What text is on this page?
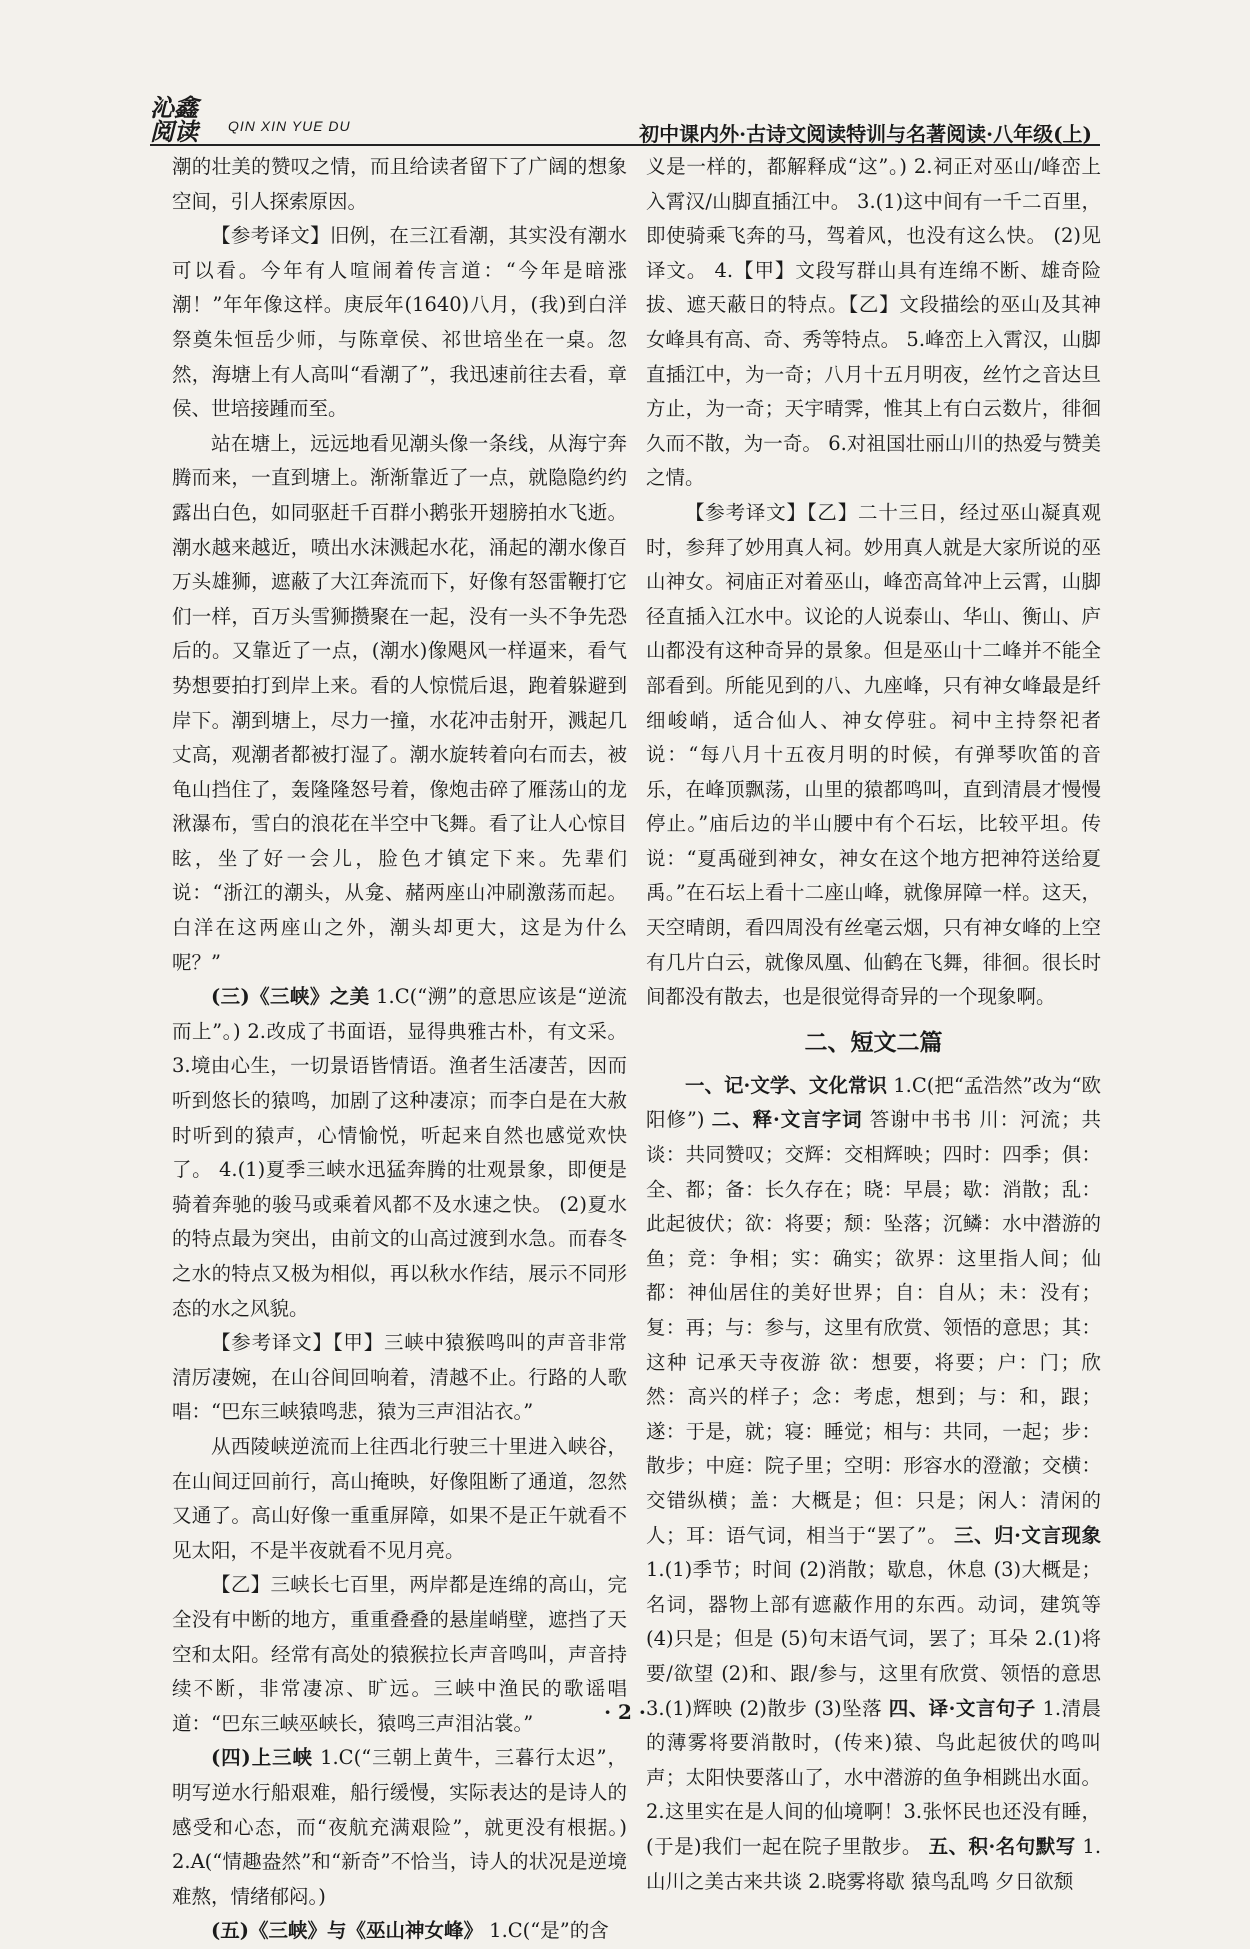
沁鑫
阅读	QIN XIN YUE DU	初中课内外·古诗文阅读特训与名著阅读·八年级(上)

潮的壮美的赞叹之情，而且给读者留下了广阔的想象空间，引人探索原因。

【参考译文】旧例，在三江看潮，其实没有潮水可以看。今年有人喧闹着传言道：“今年是暗涨潮！”年年像这样。庚辰年(1640)八月，(我)到白洋祭奠朱恒岳少师，与陈章侯、祁世培坐在一桌。忽然，海塘上有人高叫“看潮了”，我迅速前往去看，章侯、世培接踵而至。

站在塘上，远远地看见潮头像一条线，从海宁奔腾而来，一直到塘上。渐渐靠近了一点，就隐隐约约露出白色，如同驱赶千百群小鹅张开翅膀拍水飞逝。潮水越来越近，喷出水沫溅起水花，涌起的潮水像百万头雄狮，遮蔽了大江奔流而下，好像有怒雷鞭打它们一样，百万头雪狮攒聚在一起，没有一头不争先恐后的。又靠近了一点，(潮水)像飓风一样逼来，看气势想要拍打到岸上来。看的人惊慌后退，跑着躲避到岸下。潮到塘上，尽力一撞，水花冲击射开，溅起几丈高，观潮者都被打湿了。潮水旋转着向右而去，被龟山挡住了，轰隆隆怒号着，像炮击碎了雁荡山的龙湫瀑布，雪白的浪花在半空中飞舞。看了让人心惊目眩，坐了好一会儿，脸色才镇定下来。先辈们说：“浙江的潮头，从龛、赭两座山冲刷激荡而起。白洋在这两座山之外，潮头却更大，这是为什么呢？”

(三)《三峡》之美 1.C(“溯”的意思应该是“逆流而上”。) 2.改成了书面语，显得典雅古朴，有文采。 3.境由心生，一切景语皆情语。渔者生活凄苦，因而听到悠长的猿鸣，加剧了这种凄凉；而李白是在大赦时听到的猿声，心情愉悦，听起来自然也感觉欢快了。 4.(1)夏季三峡水迅猛奔腾的壮观景象，即便是骑着奔驰的骏马或乘着风都不及水速之快。 (2)夏水的特点最为突出，由前文的山高过渡到水急。而春冬之水的特点又极为相似，再以秋水作结，展示不同形态的水之风貌。

【参考译文】【甲】三峡中猿猴鸣叫的声音非常清厉凄婉，在山谷间回响着，清越不止。行路的人歌唱：“巴东三峡猿鸣悲，猿为三声泪沾衣。”

从西陵峡逆流而上往西北行驶三十里进入峡谷，在山间迂回前行，高山掩映，好像阻断了通道，忽然又通了。高山好像一重重屏障，如果不是正午就看不见太阳，不是半夜就看不见月亮。

【乙】三峡长七百里，两岸都是连绵的高山，完全没有中断的地方，重重叠叠的悬崖峭壁，遮挡了天空和太阳。经常有高处的猿猴拉长声音鸣叫，声音持续不断，非常凄凉、旷远。三峡中渔民的歌谣唱道：“巴东三峡巫峡长，猿鸣三声泪沾裳。”

(四)上三峡 1.C(“三朝上黄牛，三暮行太迟”，明写逆水行船艰难，船行缓慢，实际表达的是诗人的感受和心态，而“夜航充满艰险”，就更没有根据。) 2.A(“情趣盎然”和“新奇”不恰当，诗人的状况是逆境难熬，情绪郁闷。)

(五)《三峡》与《巫山神女峰》 1.C(“是”的含

义是一样的，都解释成“这”。) 2.祠正对巫山/峰峦上入霄汉/山脚直插江中。 3.(1)这中间有一千二百里，即使骑乘飞奔的马，驾着风，也没有这么快。 (2)见译文。 4.【甲】文段写群山具有连绵不断、雄奇险拔、遮天蔽日的特点。【乙】文段描绘的巫山及其神女峰具有高、奇、秀等特点。 5.峰峦上入霄汉，山脚直插江中，为一奇；八月十五月明夜，丝竹之音达旦方止，为一奇；天宇晴霁，惟其上有白云数片，徘徊久而不散，为一奇。 6.对祖国壮丽山川的热爱与赞美之情。

【参考译文】【乙】二十三日，经过巫山凝真观时，参拜了妙用真人祠。妙用真人就是大家所说的巫山神女。祠庙正对着巫山，峰峦高耸冲上云霄，山脚径直插入江水中。议论的人说泰山、华山、衡山、庐山都没有这种奇异的景象。但是巫山十二峰并不能全部看到。所能见到的八、九座峰，只有神女峰最是纤细峻峭，适合仙人、神女停驻。祠中主持祭祀者说：“每八月十五夜月明的时候，有弹琴吹笛的音乐，在峰顶飘荡，山里的猿都鸣叫，直到清晨才慢慢停止。”庙后边的半山腰中有个石坛，比较平坦。传说：“夏禹碰到神女，神女在这个地方把神符送给夏禹。”在石坛上看十二座山峰，就像屏障一样。这天，天空晴朗，看四周没有丝毫云烟，只有神女峰的上空有几片白云，就像凤凰、仙鹤在飞舞，徘徊。很长时间都没有散去，也是很觉得奇异的一个现象啊。

二、短文二篇

一、记·文学、文化常识 1.C(把“孟浩然”改为“欧阳修”) 二、释·文言字词 答谢中书书 川：河流；共谈：共同赞叹；交辉：交相辉映；四时：四季；俱：全、都；备：长久存在；晓：早晨；歇：消散；乱：此起彼伏；欲：将要；颓：坠落；沉鳞：水中潜游的鱼；竞：争相；实：确实；欲界：这里指人间；仙都：神仙居住的美好世界；自：自从；未：没有；复：再；与：参与，这里有欣赏、领悟的意思；其：这种 记承天寺夜游 欲：想要，将要；户：门；欣然：高兴的样子；念：考虑，想到；与：和，跟；遂：于是，就；寝：睡觉；相与：共同，一起；步：散步；中庭：院子里；空明：形容水的澄澈；交横：交错纵横；盖：大概是；但：只是；闲人：清闲的人；耳：语气词，相当于“罢了”。 三、归·文言现象 1.(1)季节；时间 (2)消散；歇息，休息 (3)大概是；名词，器物上部有遮蔽作用的东西。动词，建筑等 (4)只是；但是 (5)句末语气词，罢了；耳朵 2.(1)将要/欲望 (2)和、跟/参与，这里有欣赏、领悟的意思 3.(1)辉映 (2)散步 (3)坠落 四、译·文言句子 1.清晨的薄雾将要消散时，(传来)猿、鸟此起彼伏的鸣叫声；太阳快要落山了，水中潜游的鱼争相跳出水面。2.这里实在是人间的仙境啊！3.张怀民也还没有睡，(于是)我们一起在院子里散步。 五、积·名句默写 1.山川之美古来共谈 2.晓雾将歇 猿鸟乱鸣 夕日欲颓

· 2 ·
